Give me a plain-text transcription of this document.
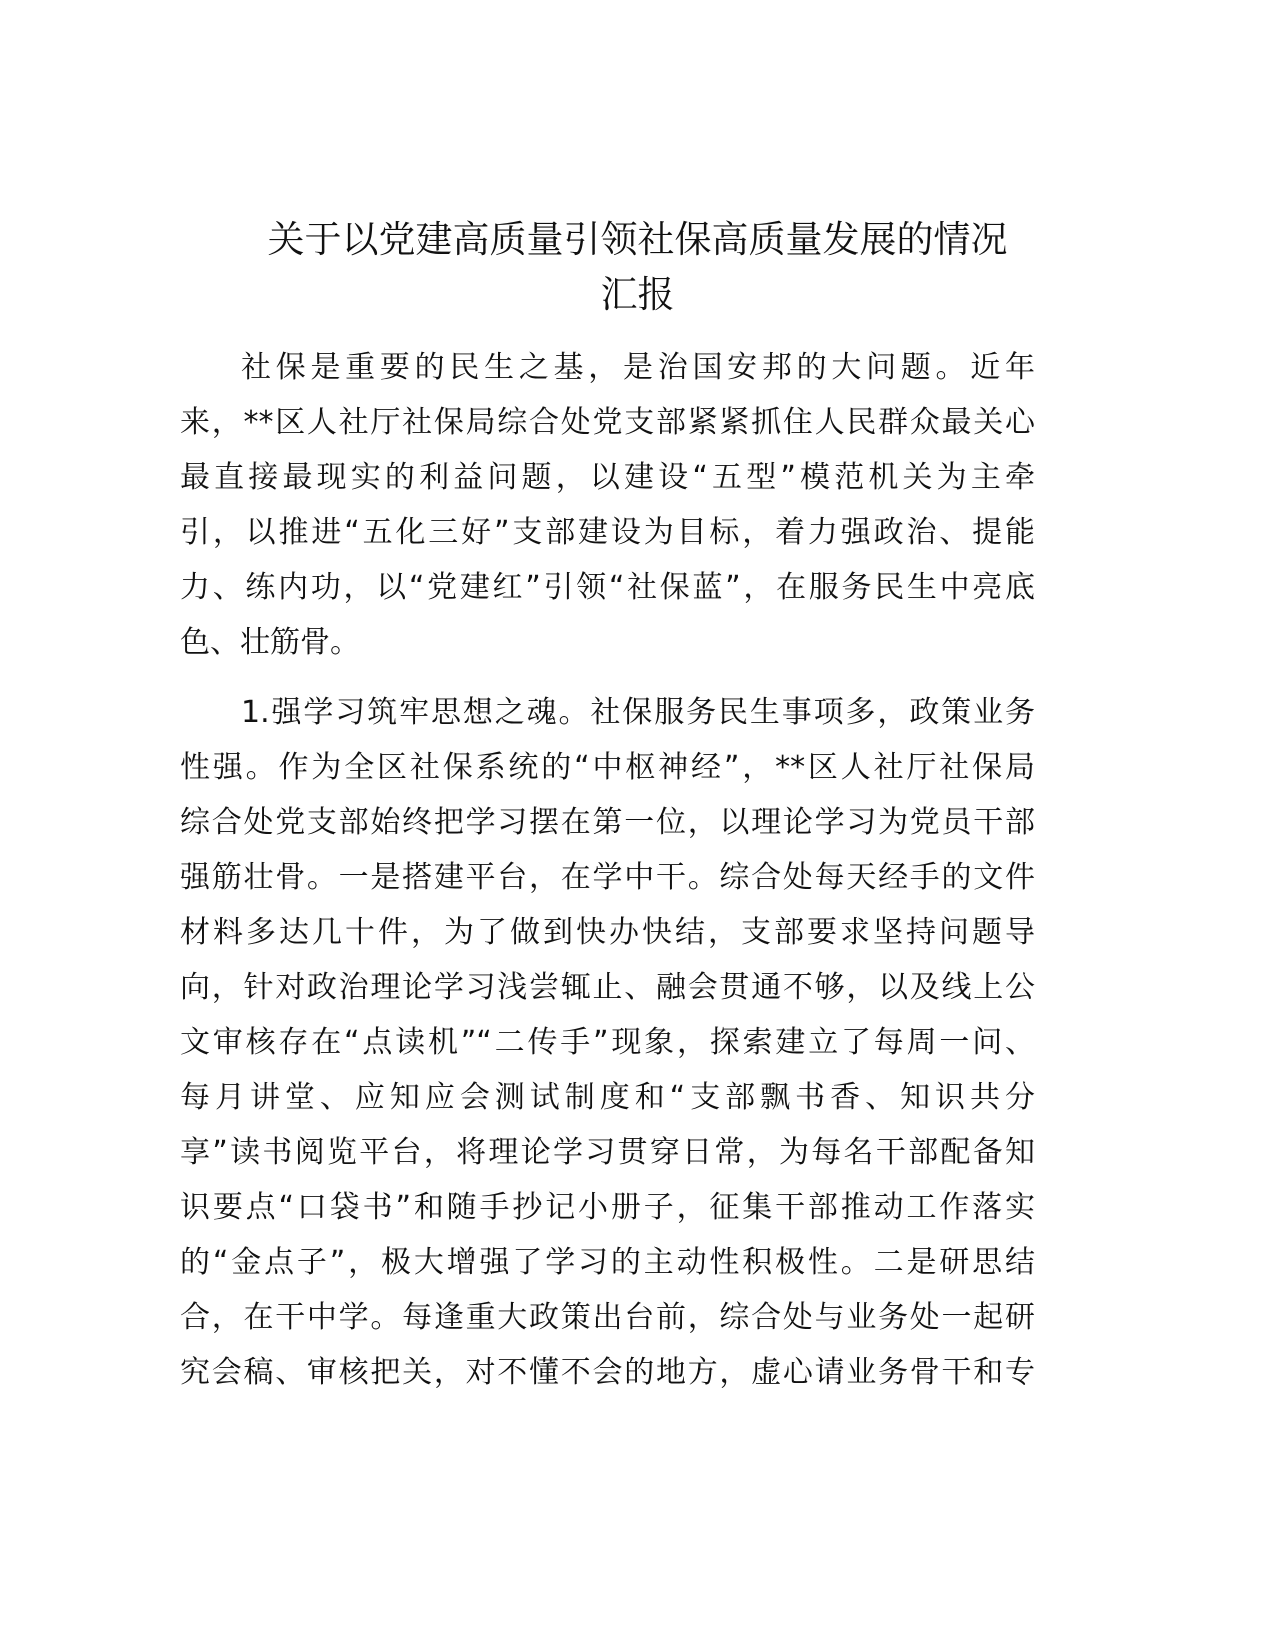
关于以党建高质量引领社保高质量发展的情况
汇报
社保是重要的民生之基，是治国安邦的大问题。近年
来，**区人社厅社保局综合处党支部紧紧抓住人民群众最关心
最直接最现实的利益问题，以建设“五型”模范机关为主牵
引，以推进“五化三好”支部建设为目标，着力强政治、提能
力、练内功，以“党建红”引领“社保蓝”，在服务民生中亮底
色、壮筋骨。
1.强学习筑牢思想之魂。社保服务民生事项多，政策业务
性强。作为全区社保系统的“中枢神经”，**区人社厅社保局
综合处党支部始终把学习摆在第一位，以理论学习为党员干部
强筋壮骨。一是搭建平台，在学中干。综合处每天经手的文件
材料多达几十件，为了做到快办快结，支部要求坚持问题导
向，针对政治理论学习浅尝辄止、融会贯通不够，以及线上公
文审核存在“点读机”“二传手”现象，探索建立了每周一问、
每月讲堂、应知应会测试制度和“支部飘书香、知识共分
享”读书阅览平台，将理论学习贯穿日常，为每名干部配备知
识要点“口袋书”和随手抄记小册子，征集干部推动工作落实
的“金点子”，极大增强了学习的主动性积极性。二是研思结
合，在干中学。每逢重大政策出台前，综合处与业务处一起研
究会稿、审核把关，对不懂不会的地方，虚心请业务骨干和专
